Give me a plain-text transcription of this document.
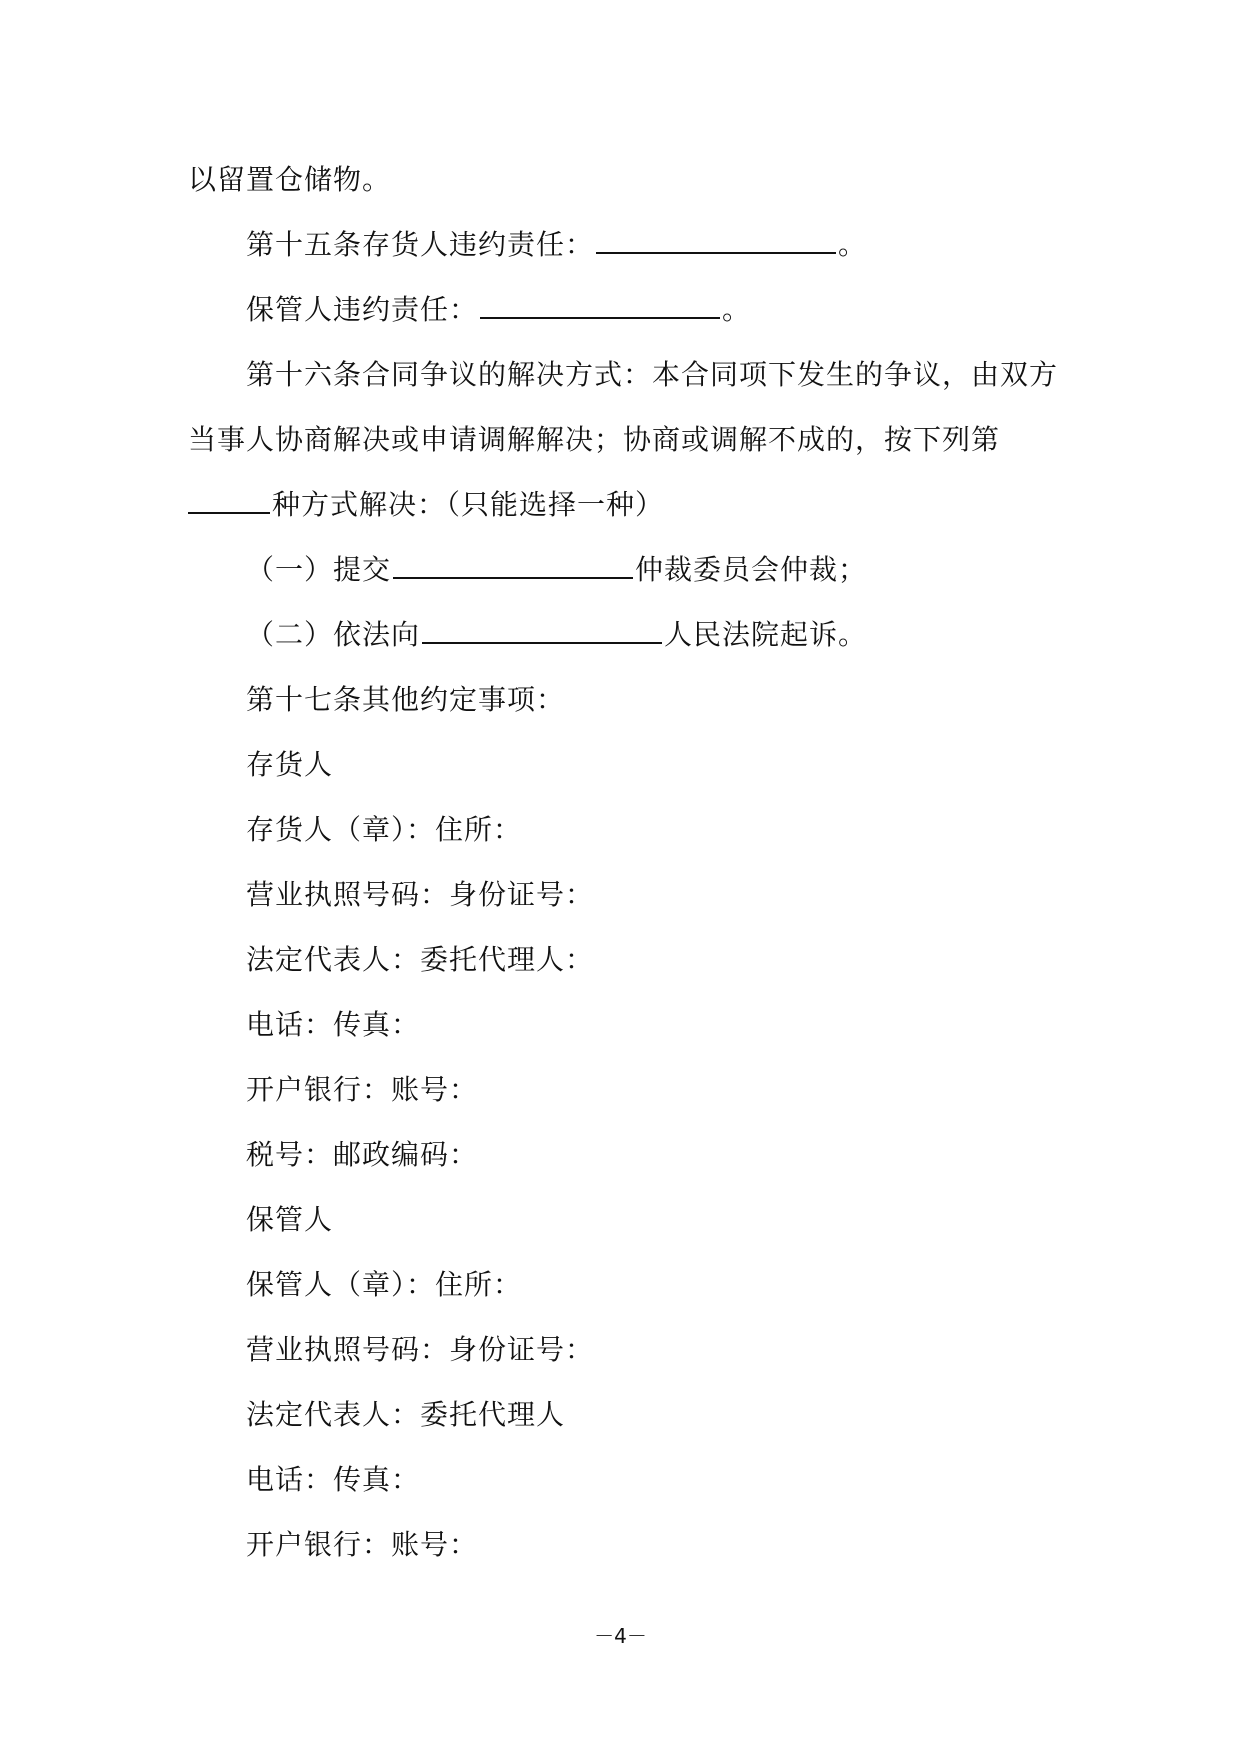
以留置仓储物。
第十五条存货人违约责任：	。
保管人违约责任：	。
第十六条合同争议的解决方式：本合同项下发生的争议，由双方
当事人协商解决或申请调解解决；协商或调解不成的，按下列第
种方式解决：（只能选择一种）
（一）提交	仲裁委员会仲裁；
（二）依法向	人民法院起诉。
第十七条其他约定事项：
存货人
存货人（章）：住所：
营业执照号码：身份证号：
法定代表人：委托代理人：
电话：传真：
开户银行：账号：
税号：邮政编码：
保管人
保管人（章）：住所：
营业执照号码：身份证号：
法定代表人：委托代理人
电话：传真：
开户银行：账号：
－4－
